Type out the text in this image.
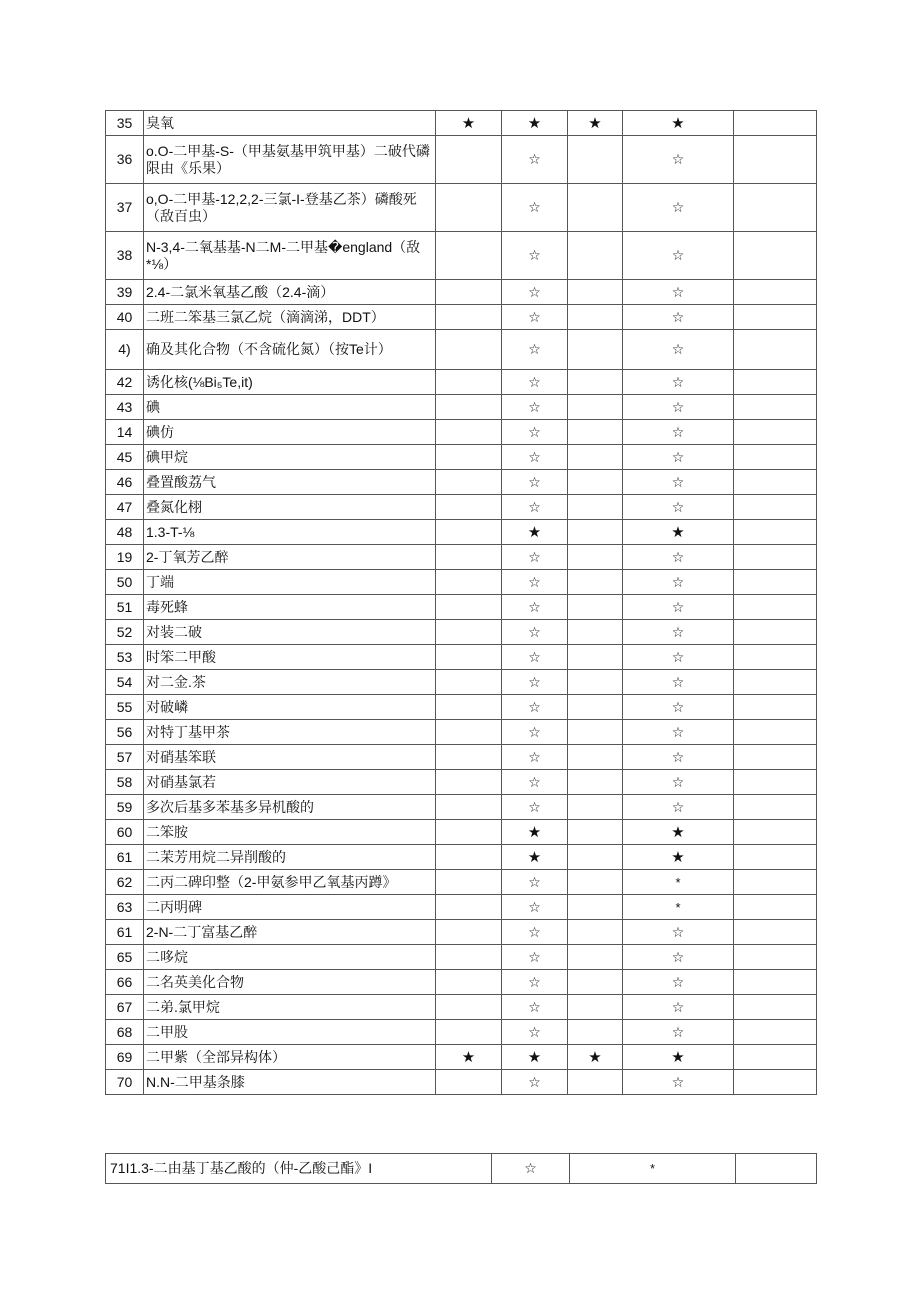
35	臭氧	★	★	★	★	
36	o.O-二甲基-S-（甲基氨基甲筑甲基）二破代磷限由《乐果）		☆		☆	
37	o,O-二甲基-12,2,2-三氯-I-登基乙茶）磷酸死（敌百虫）		☆		☆	
38	N-3,4-二氧基基-N二M-二甲基�england（敌*⅛）		☆		☆	
39	2.4-二氯米氧基乙酸（2.4-滴）		☆		☆	
40	二班二笨基三氯乙烷（滴滴涕，DDT）		☆		☆	
4)	确及其化合物（不含硫化氮）（按Te计）		☆		☆	
42	诱化核(⅛Bi₅Te,it)		☆		☆	
43	碘		☆		☆	
14	碘仿		☆		☆	
45	碘甲烷		☆		☆	
46	叠置酸荔气		☆		☆	
47	叠氮化栩		☆		☆	
48	1.3-T-⅛		★		★	
19	2-丁氧芳乙醉		☆		☆	
50	丁端		☆		☆	
51	毒死蜂		☆		☆	
52	对装二破		☆		☆	
53	时笨二甲酸		☆		☆	
54	对二金.茶		☆		☆	
55	对破嶙		☆		☆	
56	对特丁基甲茶		☆		☆	
57	对硝基笨联		☆		☆	
58	对硝基氯若		☆		☆	
59	多次后基多苯基多异机酸的		☆		☆	
60	二笨胺		★		★	
61	二茉芳用烷二异削酸的		★		★	
62	二丙二碑印整（2-甲氨参甲乙氧基丙蹲》		☆		*	
63	二丙明碑		☆		*	
61	2-N-二丁富基乙醉		☆		☆	
65	二哆烷		☆		☆	
66	二名英美化合物		☆		☆	
67	二弟.氯甲烷		☆		☆	
68	二甲股		☆		☆	
69	二甲紫（全部异构体）	★	★	★	★	
70	N.N-二甲基条膝		☆		☆	
71I1.3-二由基丁基乙酸的（仲-乙酸己酯》I	☆	*	
